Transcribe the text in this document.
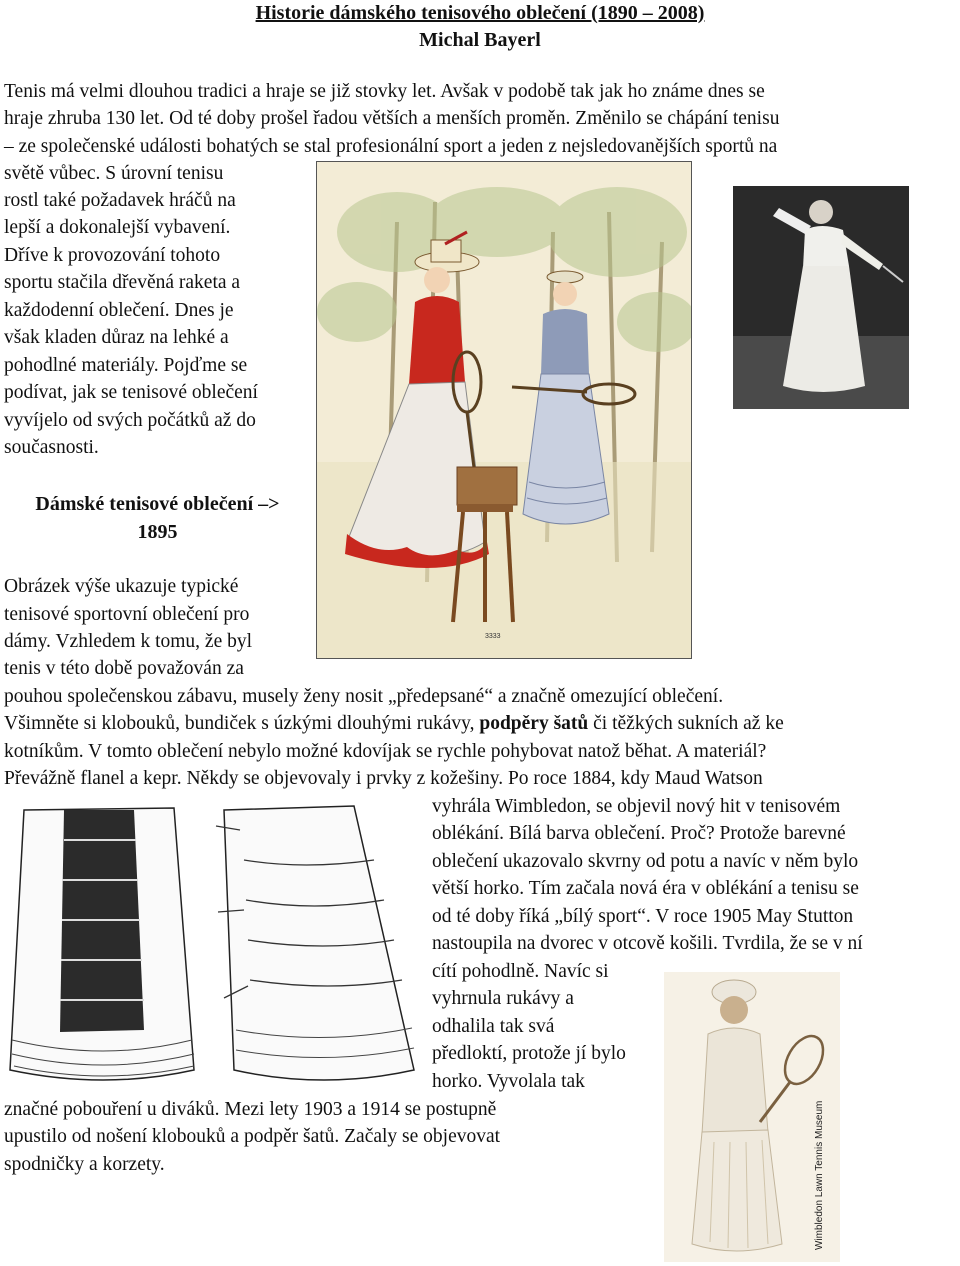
Historie dámského tenisového oblečení (1890 – 2008)
Michal Bayerl
Tenis má velmi dlouhou tradici a hraje se již stovky let. Avšak v podobě tak jak ho známe dnes se
hraje zhruba 130 let. Od té doby prošel řadou větších a menších proměn. Změnilo se chápání tenisu
– ze společenské události bohatých se stal profesionální sport a jeden z nejsledovanějších sportů na
světě vůbec. S úrovní tenisu
rostl také požadavek hráčů na
lepší a dokonalejší vybavení.
Dříve k provozování tohoto
sportu stačila dřevěná raketa a
každodenní oblečení. Dnes je
však kladen důraz na lehké a
pohodlné materiály. Pojďme se
podívat, jak se tenisové oblečení
vyvíjelo od svých počátků až do
současnosti.
Dámské tenisové oblečení –>
1895
Obrázek výše ukazuje typické
tenisové sportovní oblečení pro
dámy. Vzhledem k tomu, že byl
tenis v této době považován za
pouhou společenskou zábavu, musely ženy nosit „předepsané“ a značně omezující oblečení.
Všimněte si klobouků, bundiček s úzkými dlouhými rukávy, podpěry šatů či těžkých sukních až ke
kotníkům. V tomto oblečení nebylo možné kdovíjak se rychle pohybovat natož běhat. A materiál?
Převážně flanel a kepr. Někdy se objevovaly i prvky z kožešiny. Po roce 1884, kdy Maud Watson
vyhrála Wimbledon, se objevil nový hit v tenisovém
oblékání. Bílá barva oblečení. Proč? Protože barevné
oblečení ukazovalo skvrny od potu a navíc v něm bylo
větší horko. Tím začala nová éra v oblékání a tenisu se
od té doby říká „bílý sport“. V roce 1905 May Stutton
nastoupila na dvorec v otcově košili. Tvrdila, že se v ní
cítí pohodlně. Navíc si
vyhrnula rukávy a
odhalila tak svá
předloktí, protože jí bylo
horko. Vyvolala tak
značné pobouření u diváků. Mezi lety 1903 a 1914 se postupně
upustilo od nošení klobouků a podpěr šatů. Začaly se objevovat
spodničky a korzety.
3333
Wimbledon Lawn Tennis Museum
